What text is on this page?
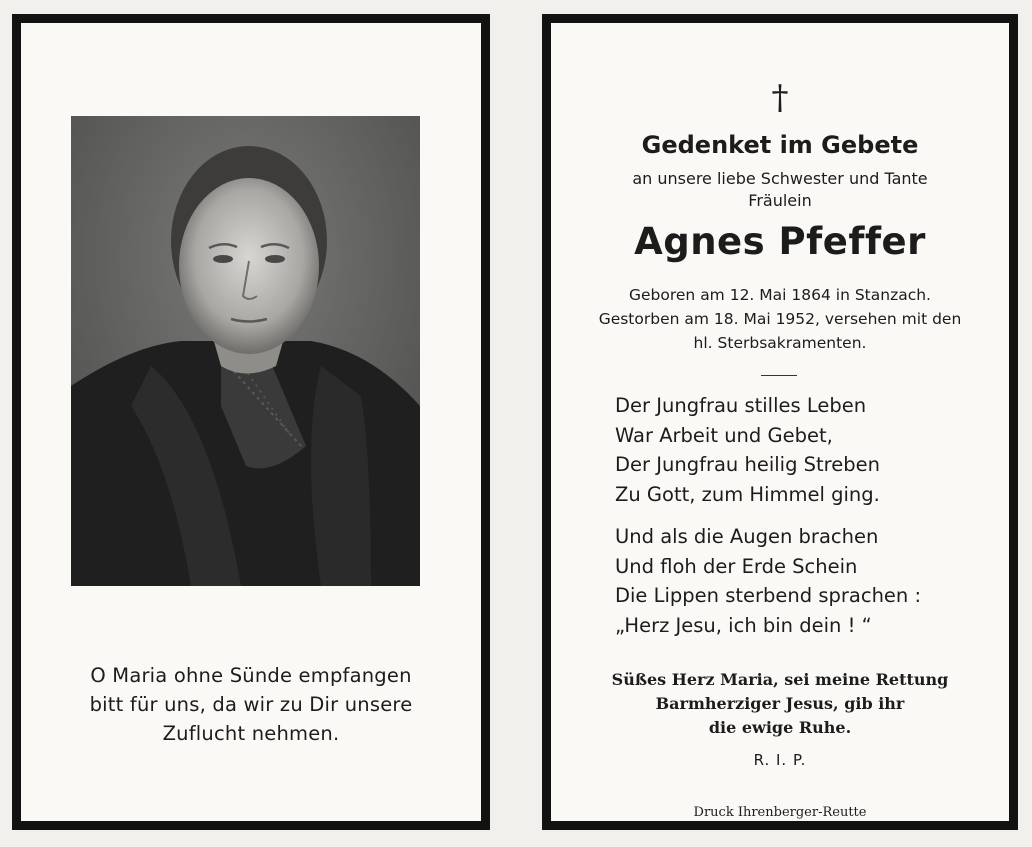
O Maria ohne Sünde empfangen
bitt für uns, da wir zu Dir unsere
Zuflucht nehmen.
†
Gedenket im Gebete
an unsere liebe Schwester und Tante
Fräulein
Agnes Pfeffer
Geboren am 12. Mai 1864 in Stanzach.
Gestorben am 18. Mai 1952, versehen mit den
hl. Sterbsakramenten.
Der Jungfrau stilles Leben
War Arbeit und Gebet,
Der Jungfrau heilig Streben
Zu Gott, zum Himmel ging.
Und als die Augen brachen
Und floh der Erde Schein
Die Lippen sterbend sprachen :
„Herz Jesu, ich bin dein ! “
Süßes Herz Maria, sei meine Rettung
Barmherziger Jesus, gib ihr
die ewige Ruhe.
R. I. P.
Druck Ihrenberger-Reutte
